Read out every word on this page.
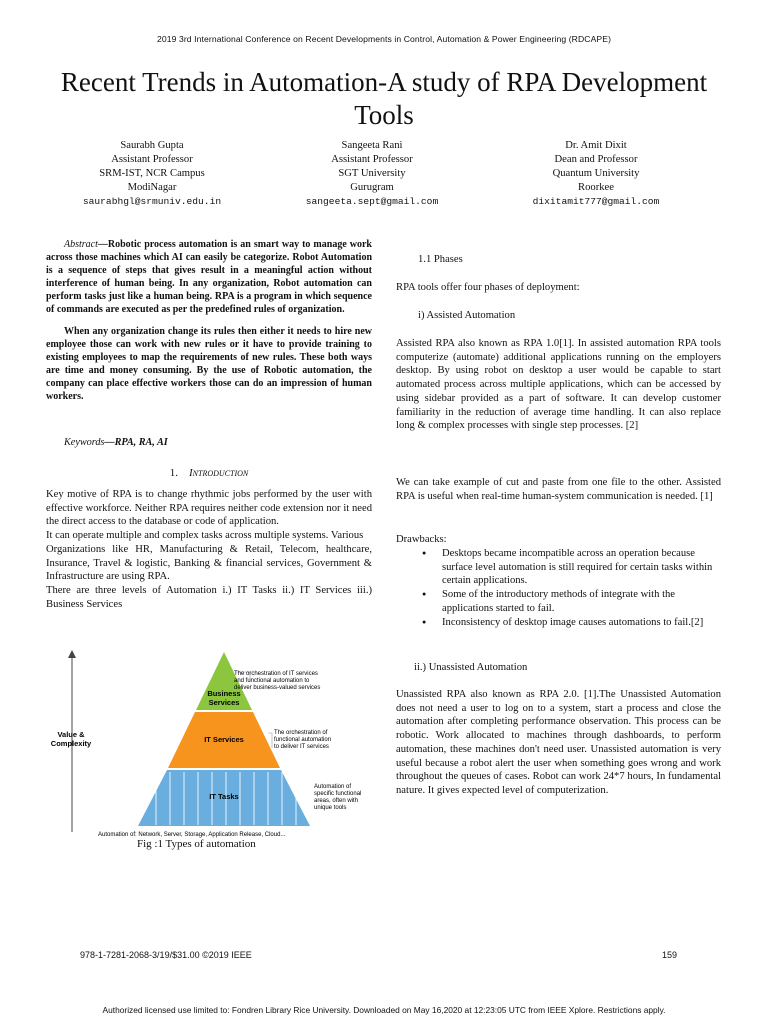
2019 3rd International Conference on Recent Developments in Control, Automation & Power Engineering (RDCAPE)
Recent Trends in Automation-A study of RPA Development Tools
Saurabh Gupta
Assistant Professor
SRM-IST, NCR Campus
ModiNagar
saurabhgl@srmuniv.edu.in
Sangeeta Rani
Assistant Professor
SGT University
Gurugram
sangeeta.sept@gmail.com
Dr. Amit Dixit
Dean and Professor
Quantum University
Roorkee
dixitamit777@gmail.com

Abstract—Robotic process automation is an smart way to manage work across those machines which AI can easily be categorize. Robot Automation is a sequence of steps that gives result in a meaningful action without interference of human being. In any organization, Robot automation can perform tasks just like a human being. RPA is a program in which sequence of commands are executed as per the predefined rules of organization.

When any organization change its rules then either it needs to hire new employee those can work with new rules or it have to provide training to existing employees to map the requirements of new rules. These both ways are time and money consuming. By the use of Robotic automation, the company can place effective workers those can do an impression of human workers.

Keywords—RPA, RA, AI
1. Introduction

Key motive of RPA is to change rhythmic jobs performed by the user with effective workforce. Neither RPA requires neither code extension nor it need the direct access to the database or code of application.

It can operate multiple and complex tasks across multiple systems. Various

Organizations like HR, Manufacturing & Retail, Telecom, healthcare, Insurance, Travel & logistic, Banking & financial services, Government & Infrastructure are using RPA.

There are three levels of Automation i.) IT Tasks ii.) IT Services iii.) Business Services

Value &
Complexity
Business
Services
IT Services
IT Tasks
The orchestration of IT services
and functional automation to
deliver business-valued services
The orchestration of
functional automation
to deliver IT services
Automation of
specific functional
areas, often with
unique tools
Automation of: Network, Server, Storage, Application Release, Cloud...
Fig :1 Types of automation
1.1 Phases
RPA tools offer four phases of deployment:
i) Assisted Automation
Assisted RPA also known as RPA 1.0[1]. In assisted automation RPA tools computerize (automate) additional applications running on the employers desktop. By using robot on desktop a user would be capable to start automated process across multiple applications, which can be accessed by using sidebar provided as a part of software. It can develop customer familiarity in the reduction of average time handling. It can also replace long & complex processes with single step processes. [2]
We can take example of cut and paste from one file to the other. Assisted RPA is useful when real-time human-system communication is needed. [1]
Drawbacks:
● Desktops became incompatible across an operation because surface level automation is still required for certain tasks within certain applications.
● Some of the introductory methods of integrate with the applications started to fail.
● Inconsistency of desktop image causes automations to fail.[2]
ii.) Unassisted Automation
Unassisted RPA also known as RPA 2.0. [1].The Unassisted Automation does not need a user to log on to a system, start a process and close the automation after completing performance observation. This process can be robotic. Work allocated to machines through dashboards, to perform automation, these machines don't need user. Unassisted automation is very useful because a robot alert the user when something goes wrong and work throughout the queues of cases. Robot can work 24*7 hours, In fundamental nature. It gives expected level of computerization.
978-1-7281-2068-3/19/$31.00 ©2019 IEEE	159
Authorized licensed use limited to: Fondren Library Rice University. Downloaded on May 16,2020 at 12:23:05 UTC from IEEE Xplore. Restrictions apply.
